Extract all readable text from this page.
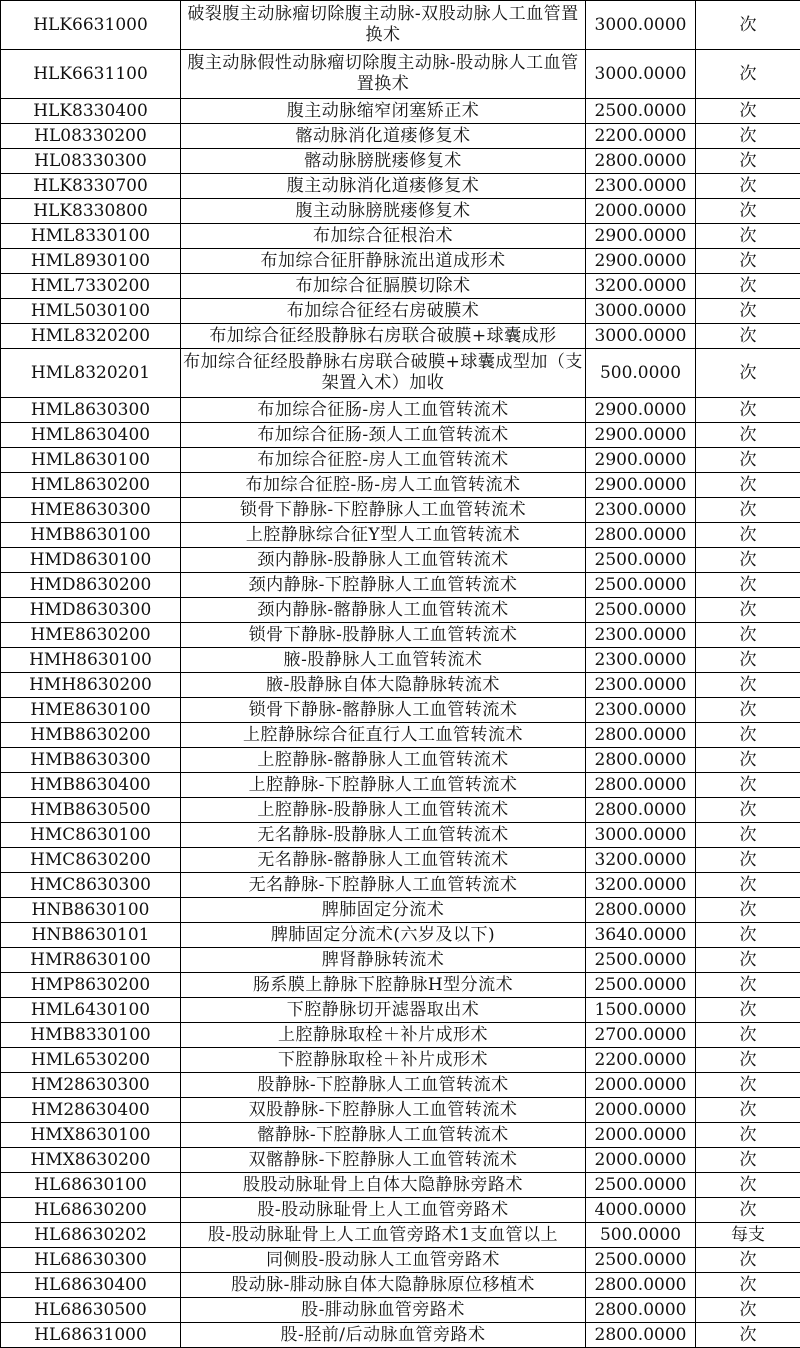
HLK6631000	破裂腹主动脉瘤切除腹主动脉-双股动脉人工血管置换术	3000.0000	次
HLK6631100	腹主动脉假性动脉瘤切除腹主动脉-股动脉人工血管置换术	3000.0000	次
HLK8330400	腹主动脉缩窄闭塞矫正术	2500.0000	次
HL08330200	髂动脉消化道瘘修复术	2200.0000	次
HL08330300	髂动脉膀胱瘘修复术	2800.0000	次
HLK8330700	腹主动脉消化道瘘修复术	2300.0000	次
HLK8330800	腹主动脉膀胱瘘修复术	2000.0000	次
HML8330100	布加综合征根治术	2900.0000	次
HML8930100	布加综合征肝静脉流出道成形术	2900.0000	次
HML7330200	布加综合征膈膜切除术	3200.0000	次
HML5030100	布加综合征经右房破膜术	3000.0000	次
HML8320200	布加综合征经股静脉右房联合破膜+球囊成形	3000.0000	次
HML8320201	布加综合征经股静脉右房联合破膜+球囊成型加（支架置入术）加收	500.0000	次
HML8630300	布加综合征肠-房人工血管转流术	2900.0000	次
HML8630400	布加综合征肠-颈人工血管转流术	2900.0000	次
HML8630100	布加综合征腔-房人工血管转流术	2900.0000	次
HML8630200	布加综合征腔-肠-房人工血管转流术	2900.0000	次
HME8630300	锁骨下静脉-下腔静脉人工血管转流术	2300.0000	次
HMB8630100	上腔静脉综合征Y型人工血管转流术	2800.0000	次
HMD8630100	颈内静脉-股静脉人工血管转流术	2500.0000	次
HMD8630200	颈内静脉-下腔静脉人工血管转流术	2500.0000	次
HMD8630300	颈内静脉-髂静脉人工血管转流术	2500.0000	次
HME8630200	锁骨下静脉-股静脉人工血管转流术	2300.0000	次
HMH8630100	腋-股静脉人工血管转流术	2300.0000	次
HMH8630200	腋-股静脉自体大隐静脉转流术	2300.0000	次
HME8630100	锁骨下静脉-髂静脉人工血管转流术	2300.0000	次
HMB8630200	上腔静脉综合征直行人工血管转流术	2800.0000	次
HMB8630300	上腔静脉-髂静脉人工血管转流术	2800.0000	次
HMB8630400	上腔静脉-下腔静脉人工血管转流术	2800.0000	次
HMB8630500	上腔静脉-股静脉人工血管转流术	2800.0000	次
HMC8630100	无名静脉-股静脉人工血管转流术	3000.0000	次
HMC8630200	无名静脉-髂静脉人工血管转流术	3200.0000	次
HMC8630300	无名静脉-下腔静脉人工血管转流术	3200.0000	次
HNB8630100	脾肺固定分流术	2800.0000	次
HNB8630101	脾肺固定分流术(六岁及以下)	3640.0000	次
HMR8630100	脾肾静脉转流术	2500.0000	次
HMP8630200	肠系膜上静脉下腔静脉H型分流术	2500.0000	次
HML6430100	下腔静脉切开滤器取出术	1500.0000	次
HMB8330100	上腔静脉取栓＋补片成形术	2700.0000	次
HML6530200	下腔静脉取栓＋补片成形术	2200.0000	次
HM28630300	股静脉-下腔静脉人工血管转流术	2000.0000	次
HM28630400	双股静脉-下腔静脉人工血管转流术	2000.0000	次
HMX8630100	髂静脉-下腔静脉人工血管转流术	2000.0000	次
HMX8630200	双髂静脉-下腔静脉人工血管转流术	2000.0000	次
HL68630100	股股动脉耻骨上自体大隐静脉旁路术	2500.0000	次
HL68630200	股-股动脉耻骨上人工血管旁路术	4000.0000	次
HL68630202	股-股动脉耻骨上人工血管旁路术1支血管以上	500.0000	每支
HL68630300	同侧股-股动脉人工血管旁路术	2500.0000	次
HL68630400	股动脉-腓动脉自体大隐静脉原位移植术	2800.0000	次
HL68630500	股-腓动脉血管旁路术	2800.0000	次
HL68631000	股-胫前/后动脉血管旁路术	2800.0000	次
